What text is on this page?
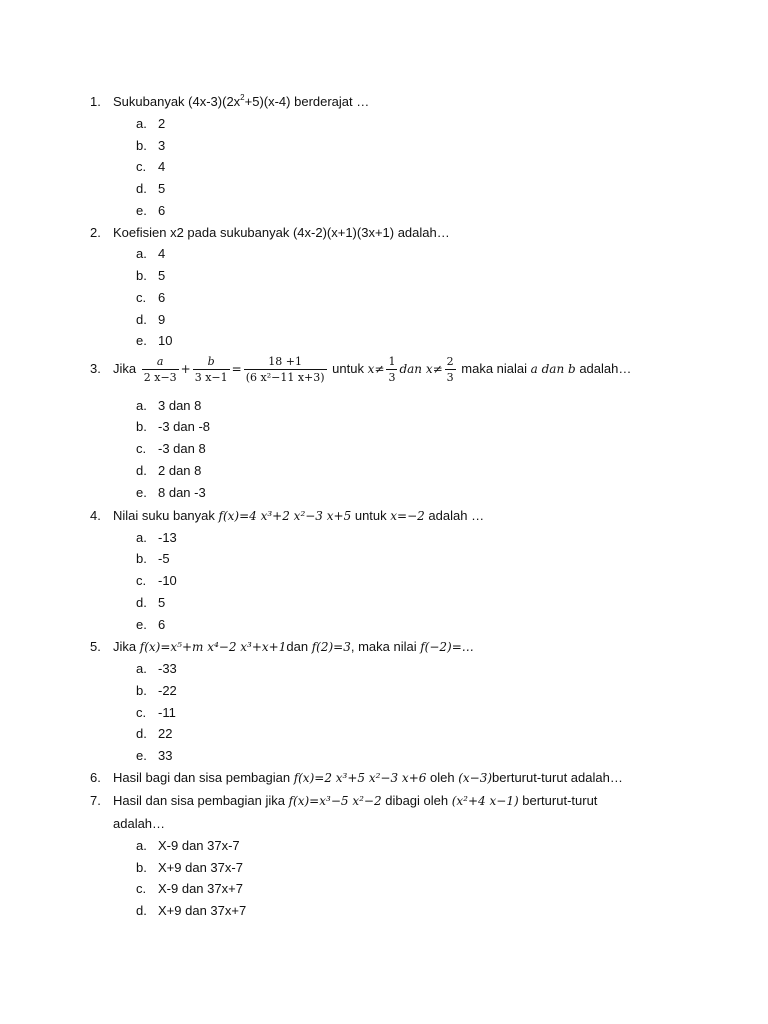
1. Sukubanyak $(4x-3)(2x^2+5)(x-4)$ berderajat …
a. 2
b. 3
c. 4
d. 5
e. 6
2. Koefisien x2 pada sukubanyak (4x-2)(x+1)(3x+1) adalah…
a. 4
b. 5
c. 6
d. 9
e. 10
3. Jika $\frac{a}{2 x-3} + \frac{b}{3 x-1} = \frac{18 +1}{\text{(6 x²−11 x+3)}}$ untuk $x\ne \frac{1}{3}$ dan $x\ne \frac{2}{3}$ maka nialai a dan b adalah…
a. 3 dan 8
b. -3 dan -8
c. -3 dan 8
d. 2 dan 8
e. 8 dan -3
4. Nilai suku banyak f(x)=4 x³+2 x²−3 x+5 untuk x=−2 adalah …
a. -13
b. -5
c. -10
d. 5
e. 6
5. Jika f(x)=x⁵+m x⁴−2 x³+x+1dan f(2)=3, maka nilai f(−2)=…
a. -33
b. -22
c. -11
d. 22
e. 33
6. Hasil bagi dan sisa pembagian f(x)=2 x³+5 x²−3 x+6 oleh (x−3)berturut-turut adalah…
7. Hasil dan sisa pembagian jika f(x)=x³−5 x²−2 dibagi oleh (x²+4 x−1) berturut-turut
adalah…
a. X-9 dan 37x-7
b. X+9 dan 37x-7
c. X-9 dan 37x+7
d. X+9 dan 37x+7
